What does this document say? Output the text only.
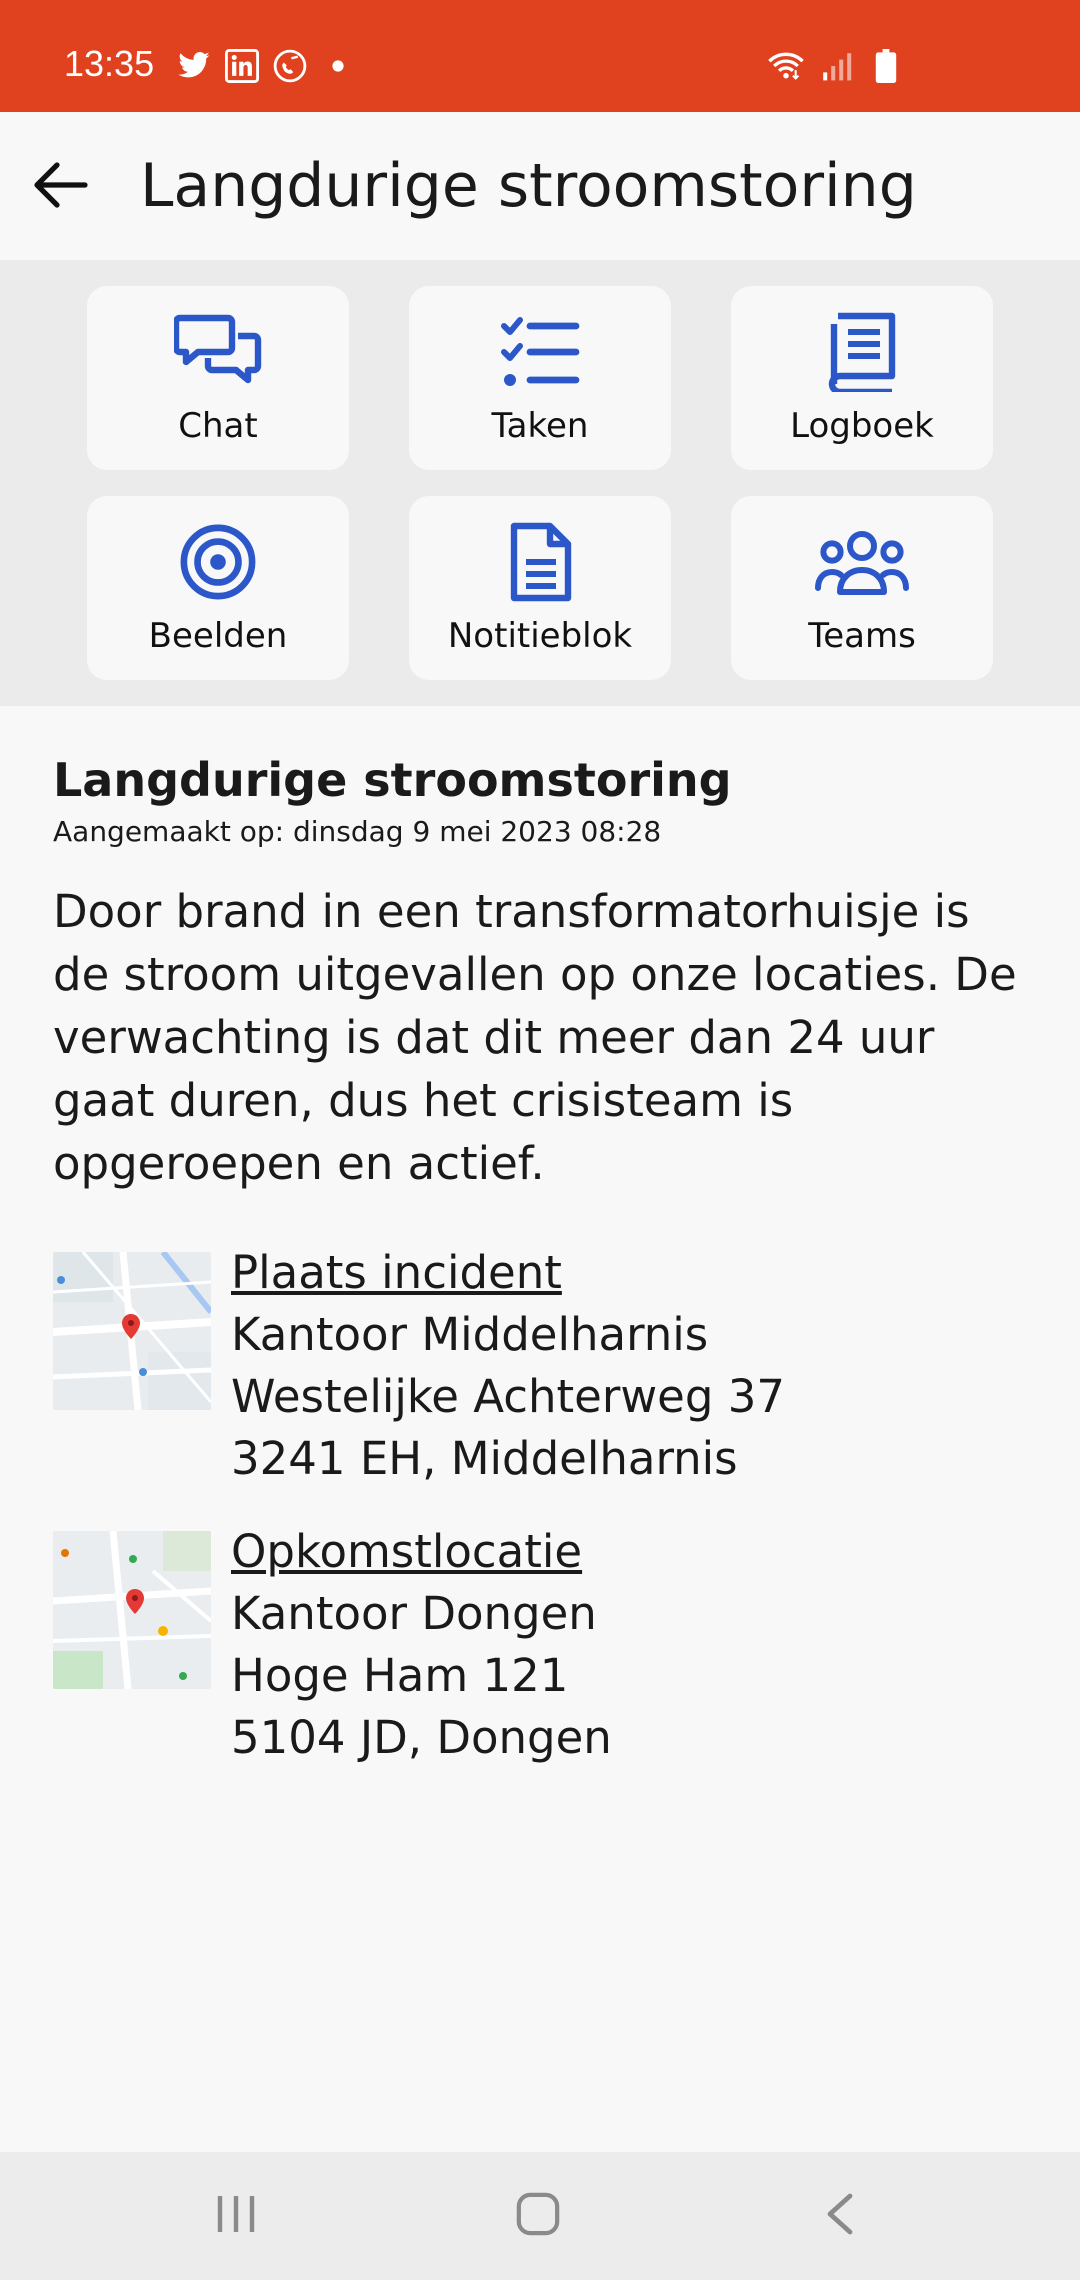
13:35
Langdurige stroomstoring
Chat	Taken	Logboek
Beelden	Notitieblok	Teams
Langdurige stroomstoring
Aangemaakt op: dinsdag 9 mei 2023 08:28
Door brand in een transformatorhuisje is de stroom uitgevallen op onze locaties. De verwachting is dat dit meer dan 24 uur gaat duren, dus het crisisteam is opgeroepen en actief.
Plaats incident
Kantoor Middelharnis
Westelijke Achterweg 37
3241 EH, Middelharnis
Opkomstlocatie
Kantoor Dongen
Hoge Ham 121
5104 JD, Dongen
